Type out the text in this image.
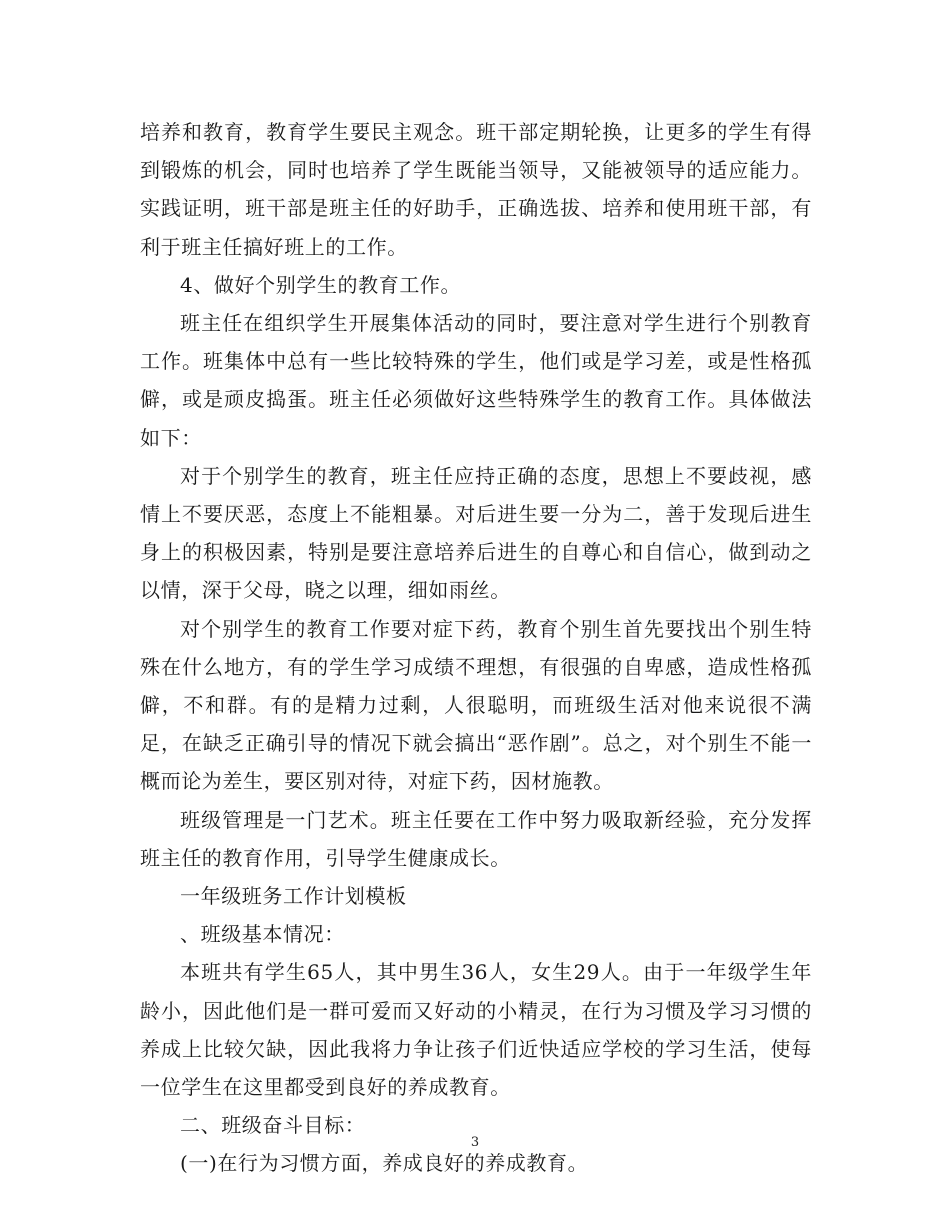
培养和教育，教育学生要民主观念。班干部定期轮换，让更多的学生有得到锻炼的机会，同时也培养了学生既能当领导，又能被领导的适应能力。实践证明，班干部是班主任的好助手，正确选拔、培养和使用班干部，有利于班主任搞好班上的工作。

4、做好个别学生的教育工作。

班主任在组织学生开展集体活动的同时，要注意对学生进行个别教育工作。班集体中总有一些比较特殊的学生，他们或是学习差，或是性格孤僻，或是顽皮捣蛋。班主任必须做好这些特殊学生的教育工作。具体做法如下：

对于个别学生的教育，班主任应持正确的态度，思想上不要歧视，感情上不要厌恶，态度上不能粗暴。对后进生要一分为二，善于发现后进生身上的积极因素，特别是要注意培养后进生的自尊心和自信心，做到动之以情，深于父母，晓之以理，细如雨丝。

对个别学生的教育工作要对症下药，教育个别生首先要找出个别生特殊在什么地方，有的学生学习成绩不理想，有很强的自卑感，造成性格孤僻，不和群。有的是精力过剩，人很聪明，而班级生活对他来说很不满足，在缺乏正确引导的情况下就会搞出“恶作剧”。总之，对个别生不能一概而论为差生，要区别对待，对症下药，因材施教。

班级管理是一门艺术。班主任要在工作中努力吸取新经验，充分发挥班主任的教育作用，引导学生健康成长。

一年级班务工作计划模板

、班级基本情况：

本班共有学生65人，其中男生36人，女生29人。由于一年级学生年龄小，因此他们是一群可爱而又好动的小精灵，在行为习惯及学习习惯的养成上比较欠缺，因此我将力争让孩子们近快适应学校的学习生活，使每一位学生在这里都受到良好的养成教育。

二、班级奋斗目标：

(一)在行为习惯方面，养成良好的养成教育。

3
